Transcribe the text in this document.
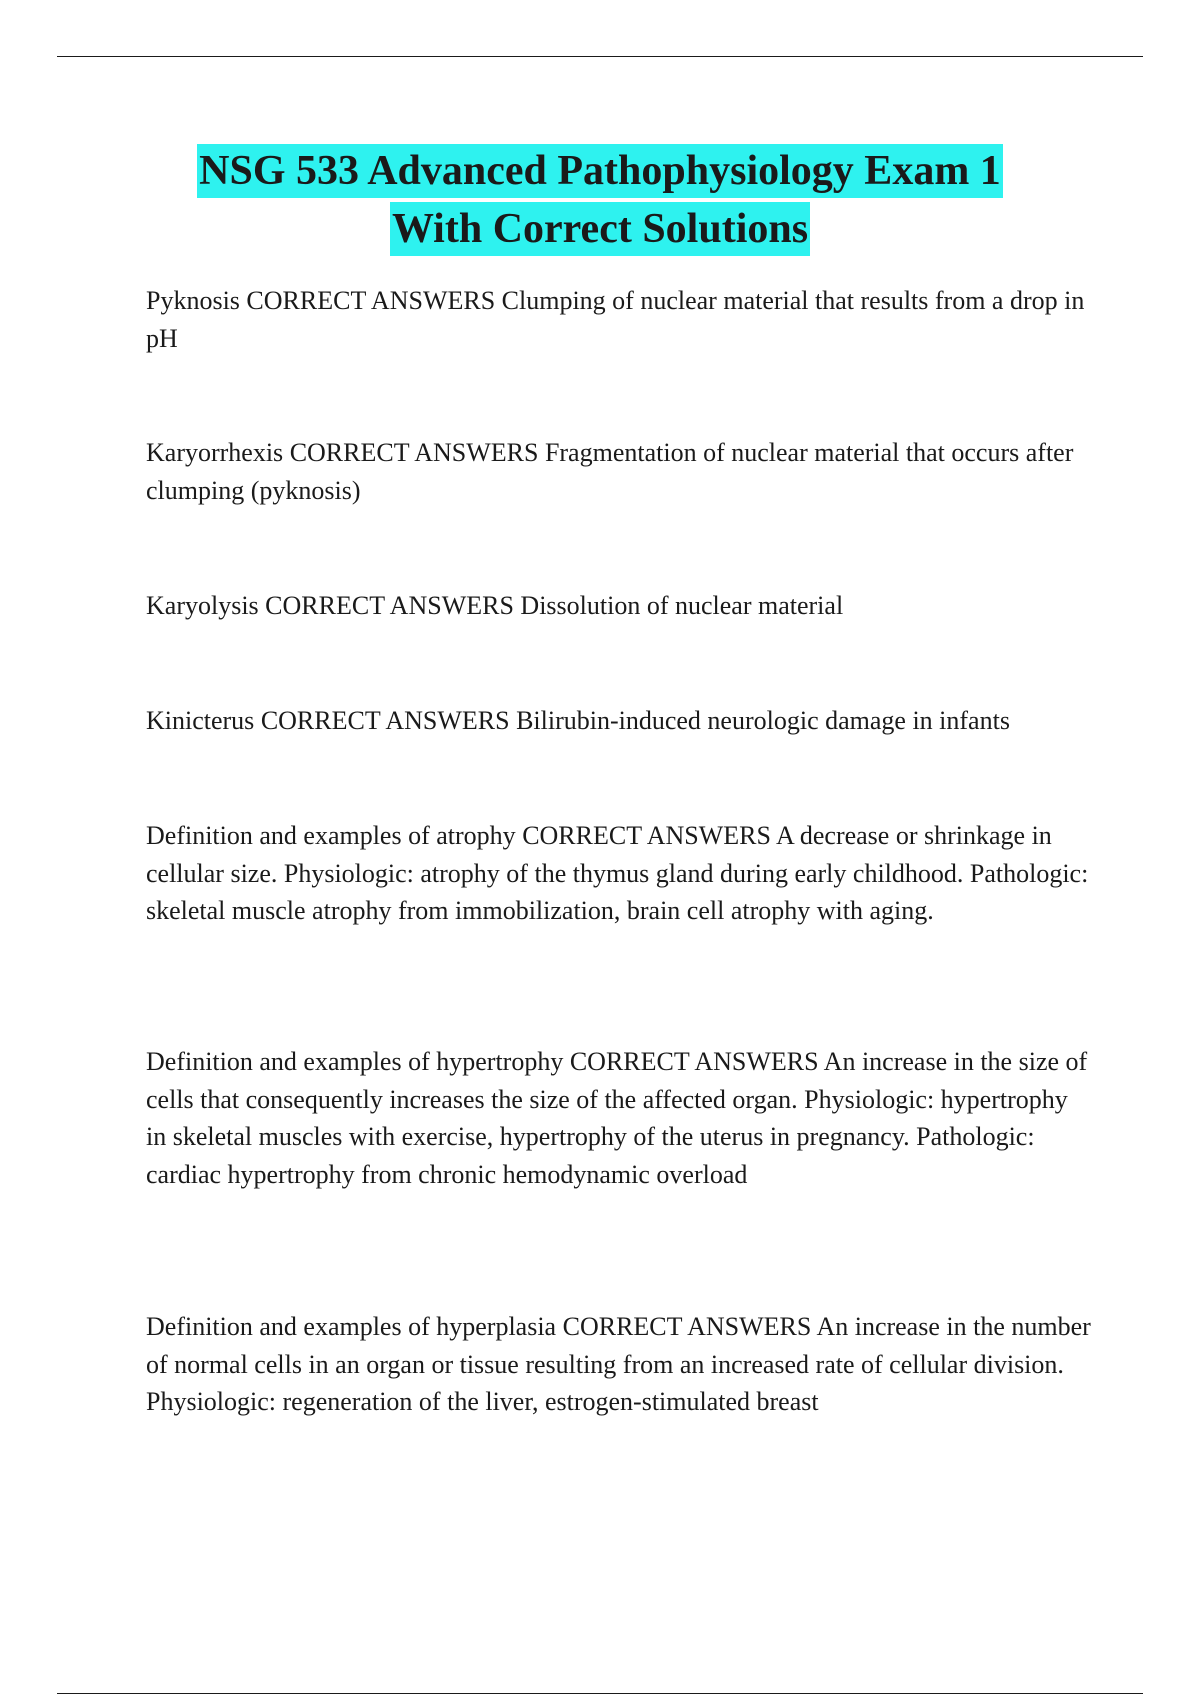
NSG 533 Advanced Pathophysiology Exam 1
With Correct Solutions

Pyknosis CORRECT ANSWERS Clumping of nuclear material that results from a drop in pH

Karyorrhexis CORRECT ANSWERS Fragmentation of nuclear material that occurs after clumping (pyknosis)

Karyolysis CORRECT ANSWERS Dissolution of nuclear material

Kinicterus CORRECT ANSWERS Bilirubin-induced neurologic damage in infants

Definition and examples of atrophy CORRECT ANSWERS A decrease or shrinkage in cellular size. Physiologic: atrophy of the thymus gland during early childhood. Pathologic: skeletal muscle atrophy from immobilization, brain cell atrophy with aging.

Definition and examples of hypertrophy CORRECT ANSWERS An increase in the size of cells that consequently increases the size of the affected organ. Physiologic: hypertrophy in skeletal muscles with exercise, hypertrophy of the uterus in pregnancy. Pathologic: cardiac hypertrophy from chronic hemodynamic overload

Definition and examples of hyperplasia CORRECT ANSWERS An increase in the number of normal cells in an organ or tissue resulting from an increased rate of cellular division. Physiologic: regeneration of the liver, estrogen-stimulated breast
